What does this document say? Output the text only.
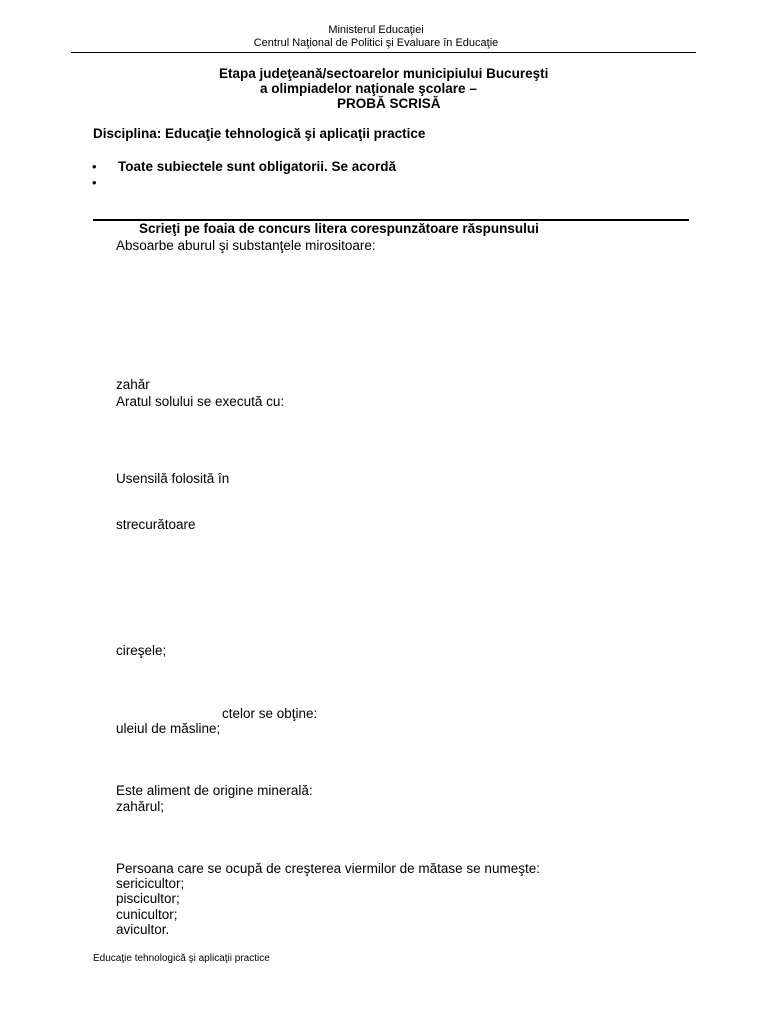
Ministerul Educaţiei
Centrul Naţional de Politici şi Evaluare în Educaţie
Etapa judeţeană/sectoarelor municipiului Bucureşti
a olimpiadelor naţionale şcolare –
PROBĂ SCRISĂ
Disciplina: Educaţie tehnologică şi aplicaţii practice
• Toate subiectele sunt obligatorii. Se acordă
•
Scrieţi pe foaia de concurs litera corespunzătoare răspunsului
Absoarbe aburul şi substanţele mirositoare:
zahăr
Aratul solului se execută cu:
Usensilă folosită în
strecurătoare
cireşele;
ctelor se obţine:
uleiul de măsline;
Este aliment de origine minerală:
zahărul;
Persoana care se ocupă de creşterea viermilor de mătase se numeşte:
sericicultor;
piscicultor;
cunicultor;
avicultor.
Educaţie tehnologică şi aplicaţii practice
